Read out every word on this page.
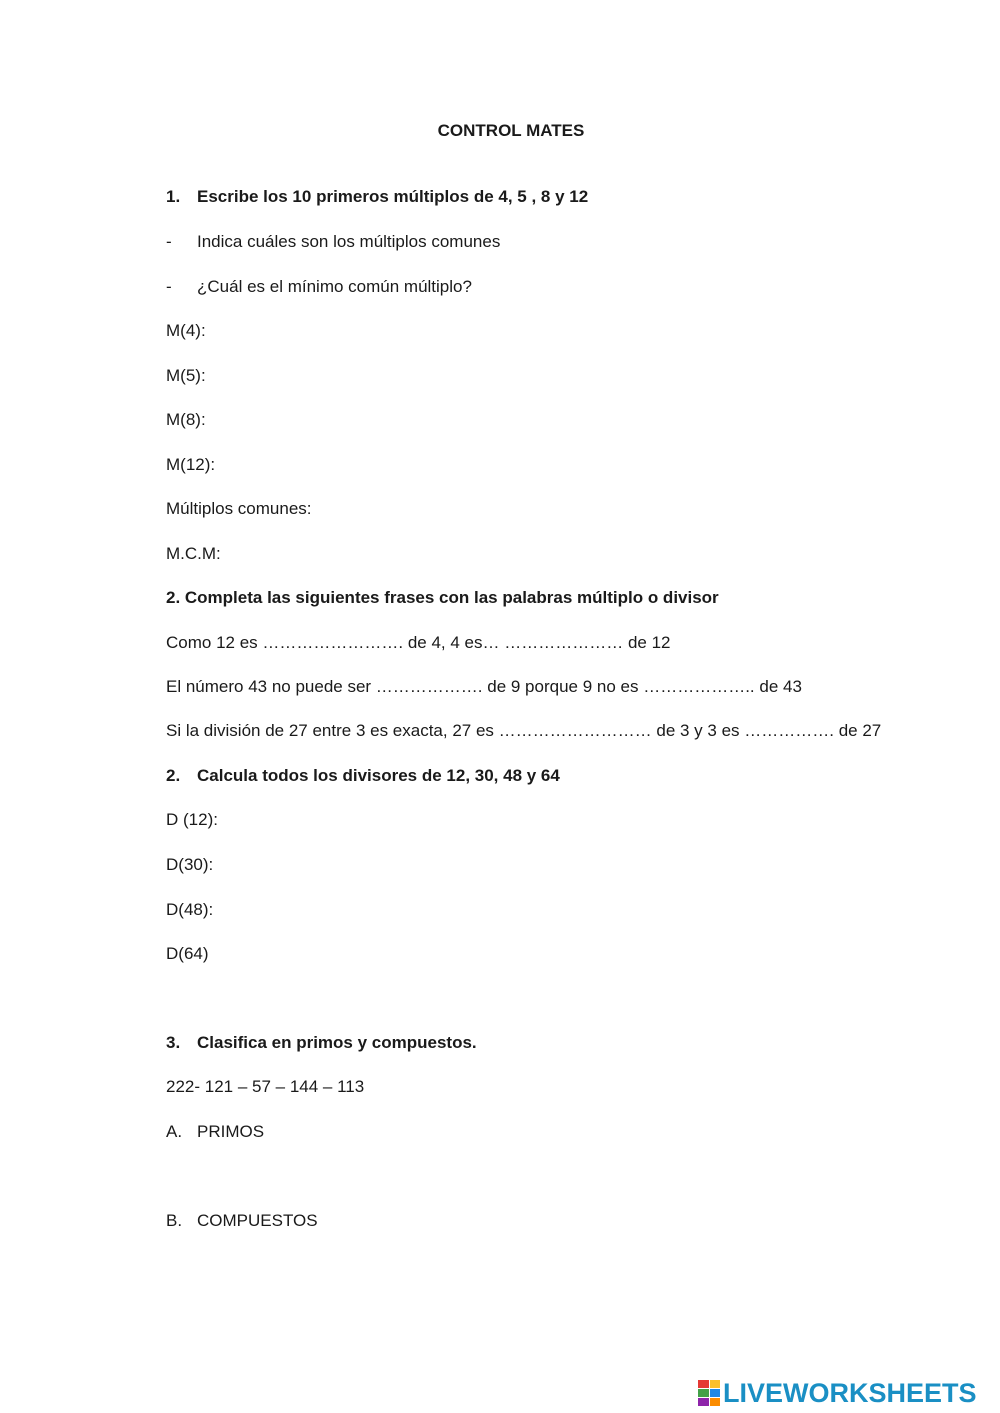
CONTROL MATES
1. Escribe los 10 primeros múltiplos de 4, 5 , 8 y 12
- Indica cuáles son los múltiplos comunes
- ¿Cuál es el mínimo común múltiplo?
M(4):
M(5):
M(8):
M(12):
Múltiplos comunes:
M.C.M:
2. Completa las siguientes frases con las palabras múltiplo o divisor
Como 12 es ……………………. de 4, 4 es… ………………… de 12
El número 43 no puede ser ………………. de 9 porque 9 no es ……………….. de 43
Si la división de 27 entre 3 es exacta, 27 es ……………………… de 3 y 3 es ……………. de 27
2. Calcula todos los divisores de 12, 30, 48 y 64
D (12):
D(30):
D(48):
D(64)
3. Clasifica en primos y compuestos.
222- 121 – 57 – 144 – 113
A. PRIMOS
B. COMPUESTOS
LIVEWORKSHEETS
